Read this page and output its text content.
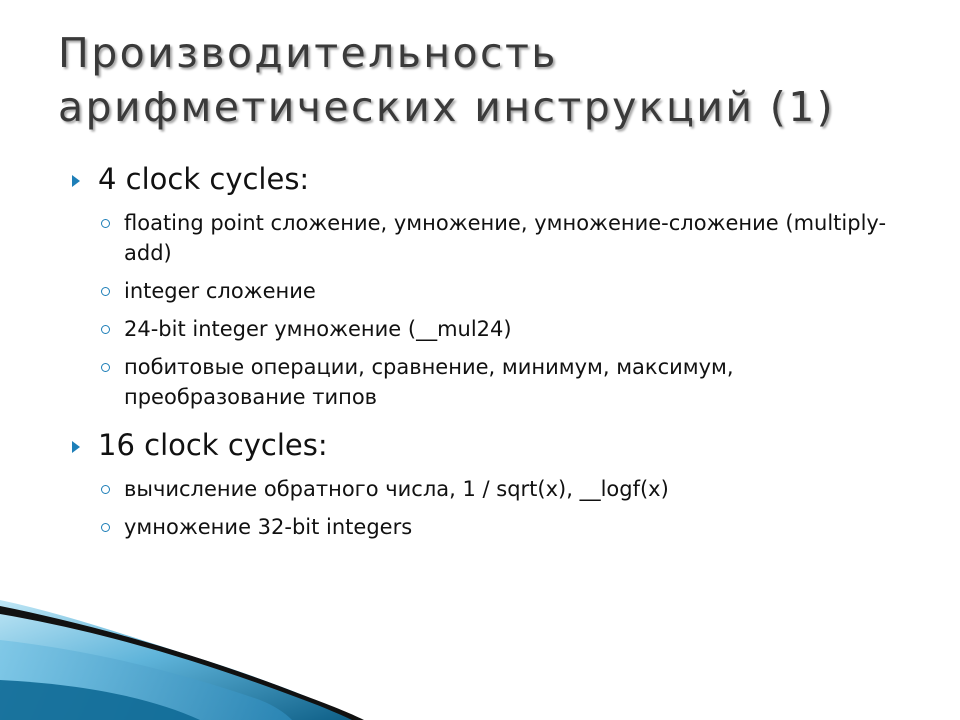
Производительность арифметических инструкций (1)
4 clock cycles:
floating point сложение, умножение, умножение-сложение (multiply-add)
integer сложение
24-bit integer умножение (__mul24)
побитовые операции, сравнение, минимум, максимум, преобразование типов
16 clock cycles:
вычисление обратного числа, 1 / sqrt(x), __logf(x)
умножение 32-bit integers
